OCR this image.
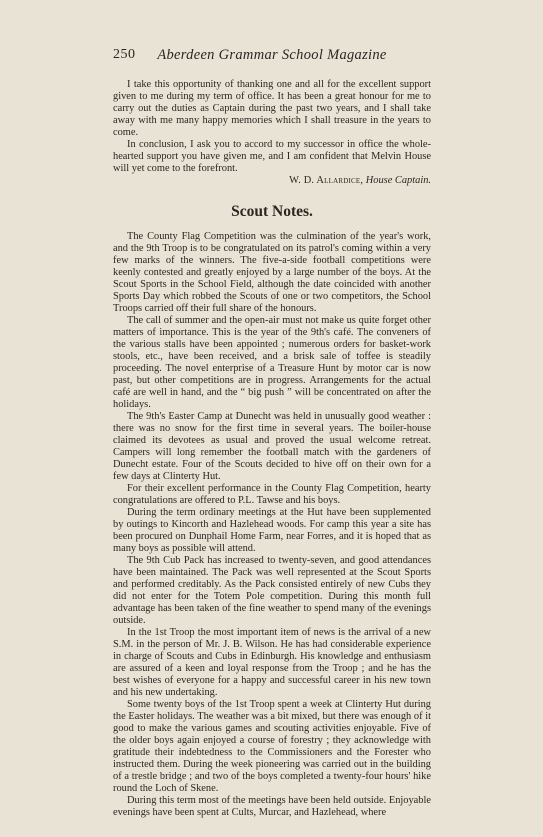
250	Aberdeen Grammar School Magazine

I take this opportunity of thanking one and all for the excellent support given to me during my term of office. It has been a great honour for me to carry out the duties as Captain during the past two years, and I shall take away with me many happy memories which I shall treasure in the years to come.

In conclusion, I ask you to accord to my successor in office the whole-hearted support you have given me, and I am confident that Melvin House will yet come to the forefront.

W. D. Allardice, House Captain.
Scout Notes.

The County Flag Competition was the culmination of the year's work, and the 9th Troop is to be congratulated on its patrol's coming within a very few marks of the winners. The five-a-side football competitions were keenly contested and greatly enjoyed by a large number of the boys. At the Scout Sports in the School Field, although the date coincided with another Sports Day which robbed the Scouts of one or two competitors, the School Troops carried off their full share of the honours.

The call of summer and the open-air must not make us quite forget other matters of importance. This is the year of the 9th's café. The conveners of the various stalls have been appointed ; numerous orders for basket-work stools, etc., have been received, and a brisk sale of toffee is steadily proceeding. The novel enterprise of a Treasure Hunt by motor car is now past, but other competitions are in progress. Arrangements for the actual café are well in hand, and the “ big push ” will be concentrated on after the holidays.

The 9th's Easter Camp at Dunecht was held in unusually good weather : there was no snow for the first time in several years. The boiler-house claimed its devotees as usual and proved the usual welcome retreat. Campers will long remember the football match with the gardeners of Dunecht estate. Four of the Scouts decided to hive off on their own for a few days at Clinterty Hut.

For their excellent performance in the County Flag Competition, hearty congratulations are offered to P.L. Tawse and his boys.

During the term ordinary meetings at the Hut have been supplemented by outings to Kincorth and Hazlehead woods. For camp this year a site has been procured on Dunphail Home Farm, near Forres, and it is hoped that as many boys as possible will attend.

The 9th Cub Pack has increased to twenty-seven, and good attendances have been maintained. The Pack was well represented at the Scout Sports and performed creditably. As the Pack consisted entirely of new Cubs they did not enter for the Totem Pole competition. During this month full advantage has been taken of the fine weather to spend many of the evenings outside.

In the 1st Troop the most important item of news is the arrival of a new S.M. in the person of Mr. J. B. Wilson. He has had considerable experience in charge of Scouts and Cubs in Edinburgh. His knowledge and enthusiasm are assured of a keen and loyal response from the Troop ; and he has the best wishes of everyone for a happy and successful career in his new town and his new undertaking.

Some twenty boys of the 1st Troop spent a week at Clinterty Hut during the Easter holidays. The weather was a bit mixed, but there was enough of it good to make the various games and scouting activities enjoyable. Five of the older boys again enjoyed a course of forestry ; they acknowledge with gratitude their indebtedness to the Commissioners and the Forester who instructed them. During the week pioneering was carried out in the building of a trestle bridge ; and two of the boys completed a twenty-four hours' hike round the Loch of Skene.

During this term most of the meetings have been held outside. Enjoyable evenings have been spent at Cults, Murcar, and Hazlehead, where
